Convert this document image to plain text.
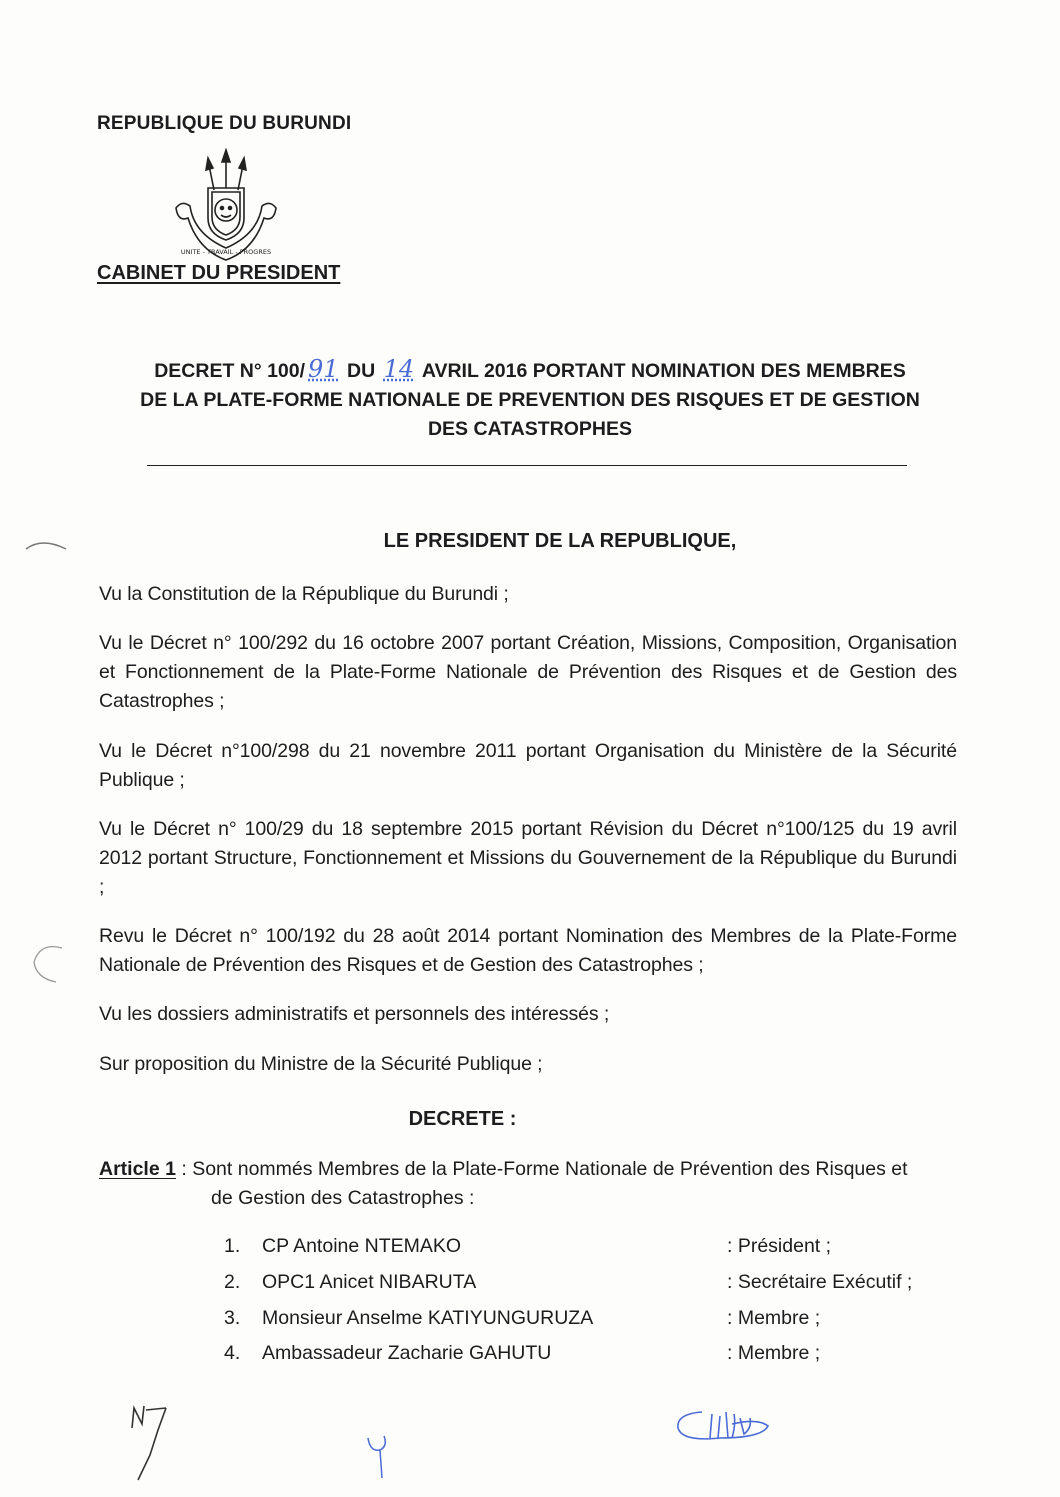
REPUBLIQUE DU BURUNDI
UNITE - TRAVAIL - PROGRES
CABINET DU PRESIDENT
DECRET N° 100/ 91 DU 14 AVRIL 2016 PORTANT NOMINATION DES MEMBRES
DE LA PLATE-FORME NATIONALE DE PREVENTION DES RISQUES ET DE GESTION
DES CATASTROPHES
LE PRESIDENT DE LA REPUBLIQUE,
Vu la Constitution de la République du Burundi ;
Vu le Décret n° 100/292 du 16 octobre 2007 portant Création, Missions, Composition, Organisation et Fonctionnement de la Plate-Forme Nationale de Prévention des Risques et de Gestion des Catastrophes ;
Vu le Décret n°100/298 du 21 novembre 2011 portant Organisation du Ministère de la Sécurité Publique ;
Vu le Décret n° 100/29 du 18 septembre 2015 portant Révision du Décret n°100/125 du 19 avril 2012 portant Structure, Fonctionnement et Missions du Gouvernement de la République du Burundi ;
Revu le Décret n° 100/192 du 28 août 2014 portant Nomination des Membres de la Plate-Forme Nationale de Prévention des Risques et de Gestion des Catastrophes ;
Vu les dossiers administratifs et personnels des intéressés ;
Sur proposition du Ministre de la Sécurité Publique ;
DECRETE :
Article 1 : Sont nommés Membres de la Plate-Forme Nationale de Prévention des Risques et
de Gestion des Catastrophes :
1.	CP Antoine NTEMAKO	: Président ;
2.	OPC1 Anicet NIBARUTA	: Secrétaire Exécutif ;
3.	Monsieur Anselme KATIYUNGURUZA	: Membre ;
4.	Ambassadeur Zacharie GAHUTU	: Membre ;
